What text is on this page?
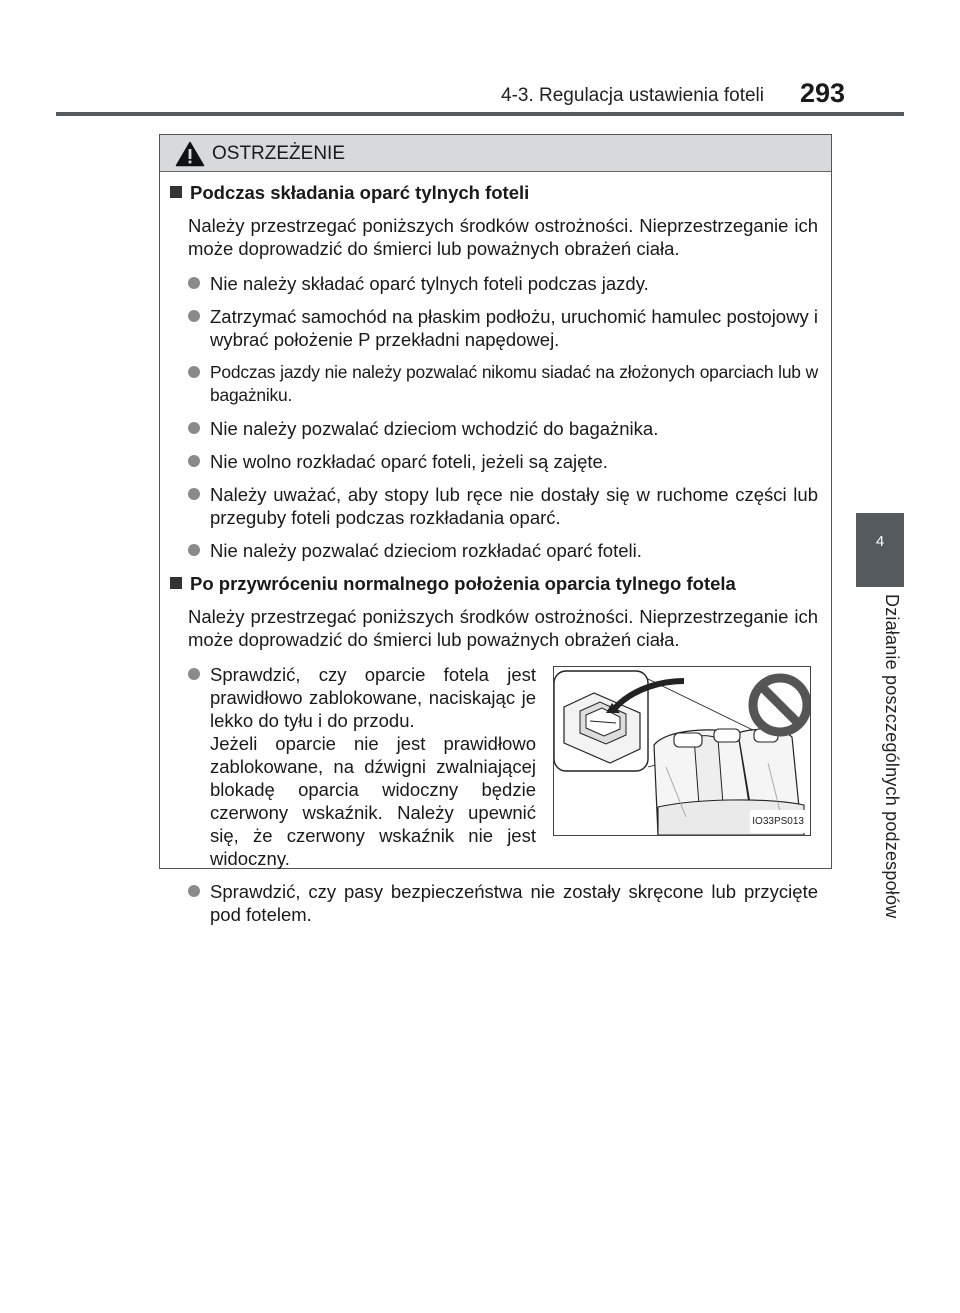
4-3. Regulacja ustawienia foteli 293
4
Działanie poszczególnych podzespołów
OSTRZEŻENIE
Podczas składania oparć tylnych foteli
Należy przestrzegać poniższych środków ostrożności. Nieprzestrzeganie ich może doprowadzić do śmierci lub poważnych obrażeń ciała.
Nie należy składać oparć tylnych foteli podczas jazdy.
Zatrzymać samochód na płaskim podłożu, uruchomić hamulec postojowy i wybrać położenie P przekładni napędowej.
Podczas jazdy nie należy pozwalać nikomu siadać na złożonych oparciach lub w bagażniku.
Nie należy pozwalać dzieciom wchodzić do bagażnika.
Nie wolno rozkładać oparć foteli, jeżeli są zajęte.
Należy uważać, aby stopy lub ręce nie dostały się w ruchome części lub przeguby foteli podczas rozkładania oparć.
Nie należy pozwalać dzieciom rozkładać oparć foteli.
Po przywróceniu normalnego położenia oparcia tylnego fotela
Należy przestrzegać poniższych środków ostrożności. Nieprzestrzeganie ich może doprowadzić do śmierci lub poważnych obrażeń ciała.
Sprawdzić, czy oparcie fotela jest prawidłowo zablokowane, naciskając je lekko do tyłu i do przodu.
Jeżeli oparcie nie jest prawidłowo zablokowane, na dźwigni zwalniającej blokadę oparcia widoczny będzie czerwony wskaźnik. Należy upewnić się, że czerwony wskaźnik nie jest widoczny.
IO33PS013
Sprawdzić, czy pasy bezpieczeństwa nie zostały skręcone lub przycięte pod fotelem.
